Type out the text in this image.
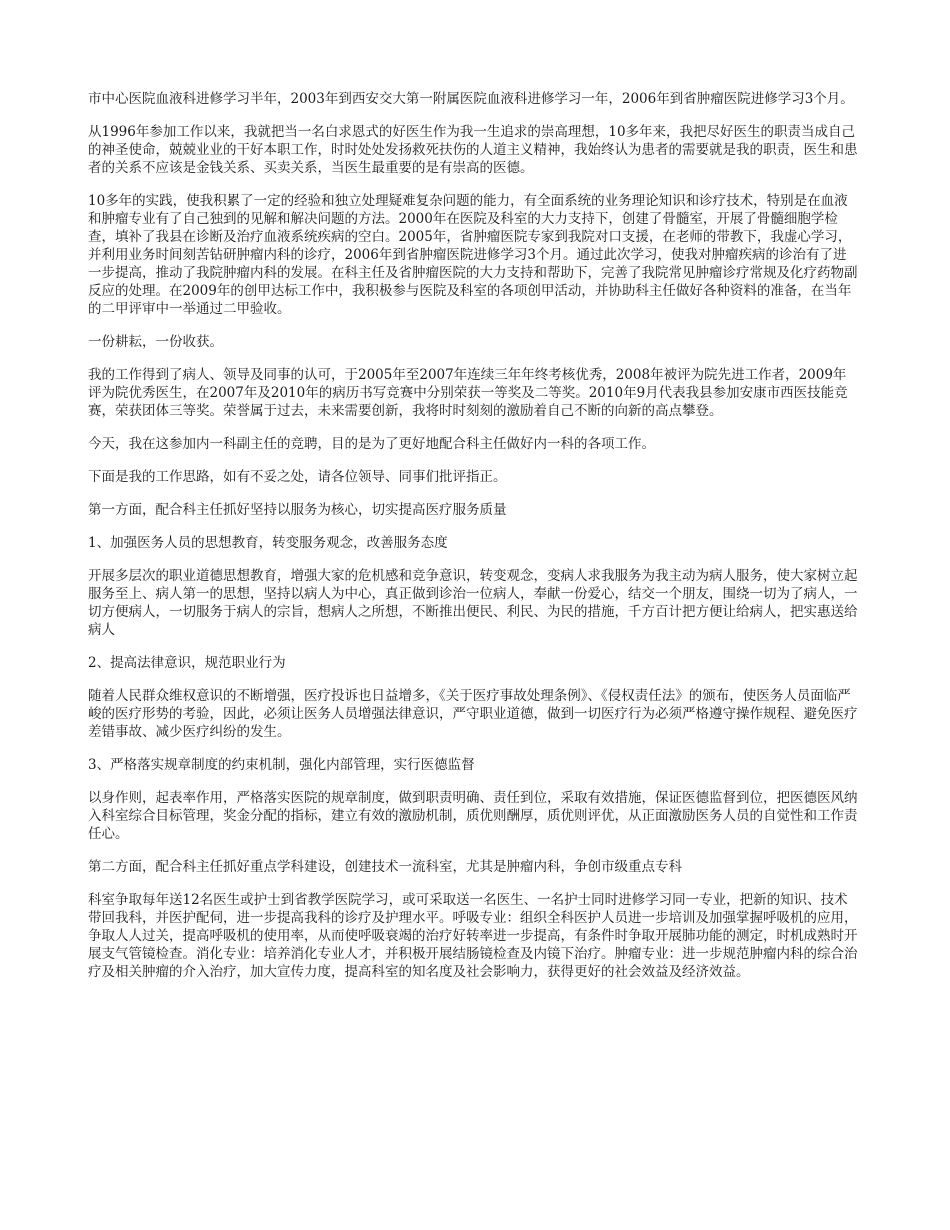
市中心医院血液科进修学习半年，2003年到西安交大第一附属医院血液科进修学习一年，2006年到省肿瘤医院进修学习3个月。

从1996年参加工作以来，我就把当一名白求恩式的好医生作为我一生追求的崇高理想，10多年来，我把尽好医生的职责当成自己的神圣使命，兢兢业业的干好本职工作，时时处处发扬救死扶伤的人道主义精神，我始终认为患者的需要就是我的职责，医生和患者的关系不应该是金钱关系、买卖关系，当医生最重要的是有崇高的医德。

10多年的实践，使我积累了一定的经验和独立处理疑难复杂问题的能力，有全面系统的业务理论知识和诊疗技术，特别是在血液和肿瘤专业有了自己独到的见解和解决问题的方法。2000年在医院及科室的大力支持下，创建了骨髓室，开展了骨髓细胞学检查，填补了我县在诊断及治疗血液系统疾病的空白。2005年，省肿瘤医院专家到我院对口支援，在老师的带教下，我虚心学习，并利用业务时间刻苦钻研肿瘤内科的诊疗，2006年到省肿瘤医院进修学习3个月。通过此次学习，使我对肿瘤疾病的诊治有了进一步提高，推动了我院肿瘤内科的发展。在科主任及省肿瘤医院的大力支持和帮助下，完善了我院常见肿瘤诊疗常规及化疗药物副反应的处理。在2009年的创甲达标工作中，我积极参与医院及科室的各项创甲活动，并协助科主任做好各种资料的准备，在当年的二甲评审中一举通过二甲验收。

一份耕耘，一份收获。

我的工作得到了病人、领导及同事的认可，于2005年至2007年连续三年年终考核优秀，2008年被评为院先进工作者，2009年评为院优秀医生，在2007年及2010年的病历书写竞赛中分别荣获一等奖及二等奖。2010年9月代表我县参加安康市西医技能竞赛，荣获团体三等奖。荣誉属于过去，未来需要创新，我将时时刻刻的激励着自己不断的向新的高点攀登。

今天，我在这参加内一科副主任的竞聘，目的是为了更好地配合科主任做好内一科的各项工作。

下面是我的工作思路，如有不妥之处，请各位领导、同事们批评指正。

第一方面，配合科主任抓好坚持以服务为核心，切实提高医疗服务质量

1、加强医务人员的思想教育，转变服务观念，改善服务态度

开展多层次的职业道德思想教育，增强大家的危机感和竞争意识，转变观念，变病人求我服务为我主动为病人服务，使大家树立起服务至上、病人第一的思想，坚持以病人为中心，真正做到诊治一位病人，奉献一份爱心，结交一个朋友，围绕一切为了病人，一切方便病人，一切服务于病人的宗旨，想病人之所想，不断推出便民、利民、为民的措施，千方百计把方便让给病人，把实惠送给病人

2、提高法律意识，规范职业行为

随着人民群众维权意识的不断增强，医疗投诉也日益增多，《关于医疗事故处理条例》、《侵权责任法》的颁布，使医务人员面临严峻的医疗形势的考验，因此，必须让医务人员增强法律意识，严守职业道德，做到一切医疗行为必须严格遵守操作规程、避免医疗差错事故、减少医疗纠纷的发生。

3、严格落实规章制度的约束机制，强化内部管理，实行医德监督

以身作则，起表率作用，严格落实医院的规章制度，做到职责明确、责任到位，采取有效措施，保证医德监督到位，把医德医风纳入科室综合目标管理，奖金分配的指标，建立有效的激励机制，质优则酬厚，质优则评优，从正面激励医务人员的自觉性和工作责任心。

第二方面，配合科主任抓好重点学科建设，创建技术一流科室，尤其是肿瘤内科，争创市级重点专科

科室争取每年送12名医生或护士到省教学医院学习，或可采取送一名医生、一名护士同时进修学习同一专业，把新的知识、技术带回我科，并医护配伺，进一步提高我科的诊疗及护理水平。呼吸专业：组织全科医护人员进一步培训及加强掌握呼吸机的应用，争取人人过关，提高呼吸机的使用率，从而使呼吸衰竭的治疗好转率进一步提高，有条件时争取开展肺功能的测定，时机成熟时开展支气管镜检查。消化专业：培养消化专业人才，并积极开展结肠镜检查及内镜下治疗。肿瘤专业：进一步规范肿瘤内科的综合治疗及相关肿瘤的介入治疗，加大宣传力度，提高科室的知名度及社会影响力，获得更好的社会效益及经济效益。
